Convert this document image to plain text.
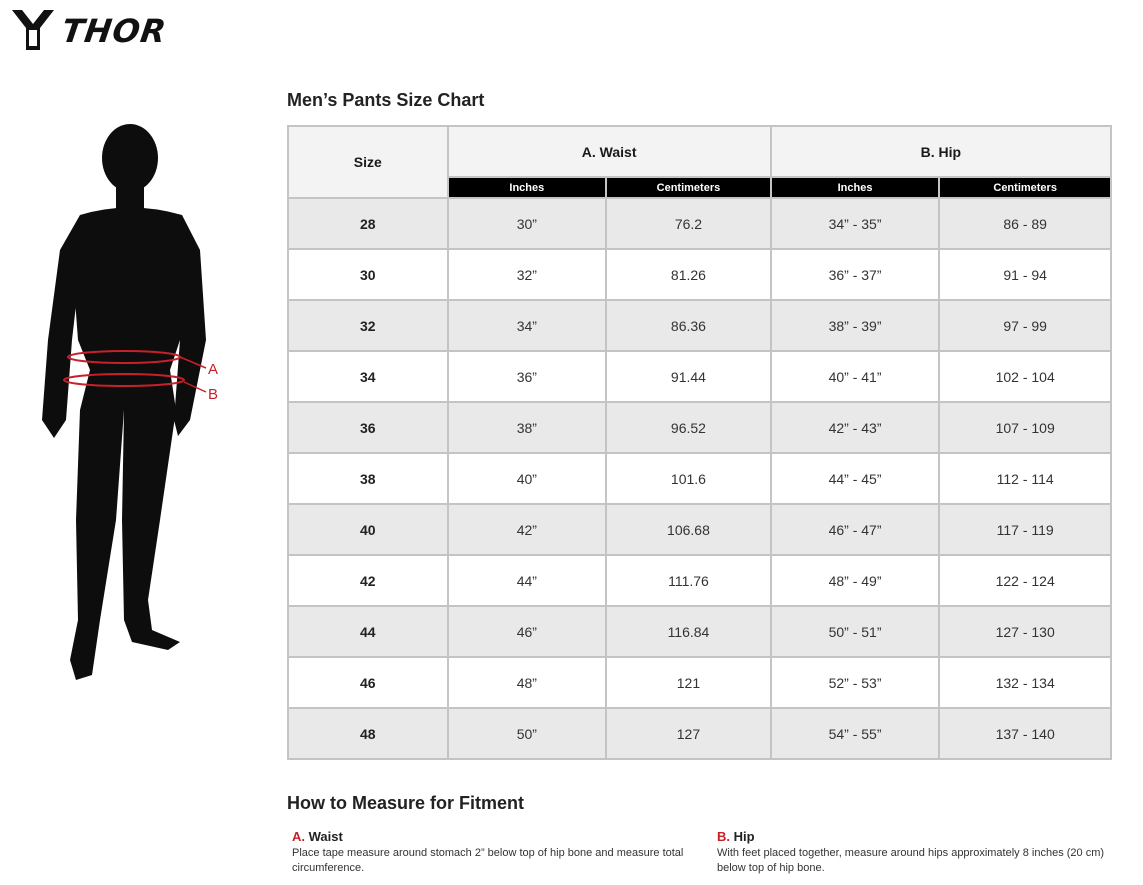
THOR
A
B
Men’s Pants Size Chart
Size	A. Waist		B. Hip	
	Inches	Centimeters	Inches	Centimeters
28	30”	76.2	34” - 35”	86 - 89
30	32”	81.26	36” - 37”	91 - 94
32	34”	86.36	38” - 39”	97 - 99
34	36”	91.44	40” - 41”	102 - 104
36	38”	96.52	42” - 43”	107 - 109
38	40”	101.6	44” - 45”	112 - 114
40	42”	106.68	46” - 47”	117 - 119
42	44”	111.76	48” - 49”	122 - 124
44	46”	116.84	50” - 51”	127 - 130
46	48”	121	52” - 53”	132 - 134
48	50”	127	54” - 55”	137 - 140
How to Measure for Fitment
A. Waist
Place tape measure around stomach 2” below top of hip bone and measure total circumference.
B. Hip
With feet placed together, measure around hips approximately 8 inches (20 cm) below top of hip bone.
